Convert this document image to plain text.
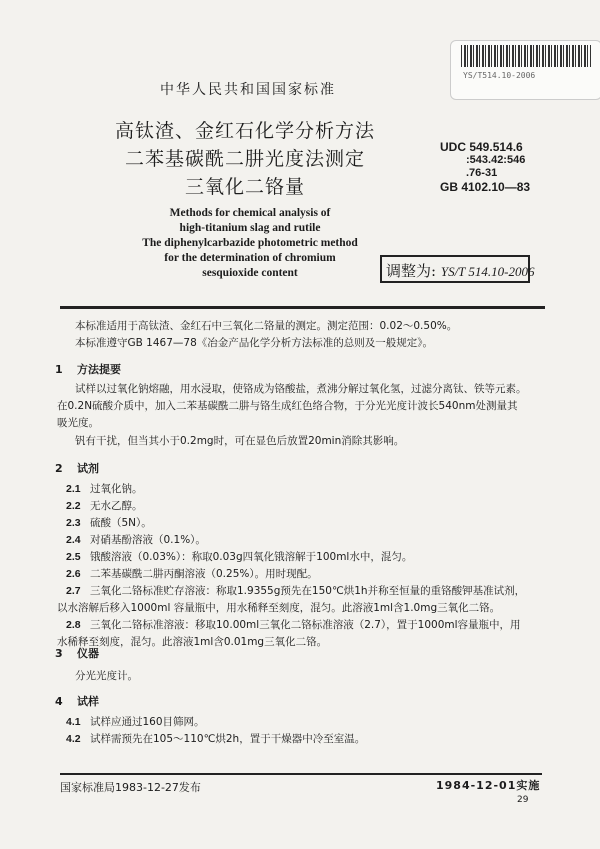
YS/T514.10-2006
中华人民共和国国家标准
高钛渣、金红石化学分析方法
二苯基碳酰二肼光度法测定
三氧化二铬量
UDC 549.514.6
:543.42:546
.76-31
GB 4102.10—83
Methods for chemical analysis of
high-titanium slag and rutile
The diphenylcarbazide photometric method
for the determination of chromium
sesquioxide content	调整为: YS/T 514.10-2006
本标准适用于高钛渣、金红石中三氧化二铬量的测定。测定范围：0.02～0.50%。
本标准遵守GB 1467—78《冶金产品化学分析方法标准的总则及一般规定》。
1 方法提要
试样以过氧化钠熔融，用水浸取，使铬成为铬酸盐，煮沸分解过氧化氢，过滤分离钛、铁等元素。
在0.2N硫酸介质中，加入二苯基碳酰二肼与铬生成红色络合物，于分光光度计波长540nm处测量其
吸光度。
钒有干扰，但当其小于0.2mg时，可在显色后放置20min消除其影响。
2 试剂
2.1 过氧化钠。
2.2 无水乙醇。
2.3 硫酸（5N）。
2.4 对硝基酚溶液（0.1%）。
2.5 锇酸溶液（0.03%）：称取0.03g四氧化锇溶解于100ml水中，混匀。
2.6 二苯基碳酰二肼丙酮溶液（0.25%）。用时现配。
2.7 三氧化二铬标准贮存溶液：称取1.9355g预先在150℃烘1h并称至恒量的重铬酸钾基准试剂，
以水溶解后移入1000ml 容量瓶中，用水稀释至刻度，混匀。此溶液1ml含1.0mg三氧化二铬。
2.8 三氧化二铬标准溶液：移取10.00ml三氧化二铬标准溶液（2.7），置于1000ml容量瓶中，用
水稀释至刻度，混匀。此溶液1ml含0.01mg三氧化二铬。
3 仪器
分光光度计。
4 试样
4.1 试样应通过160目筛网。
4.2 试样需预先在105～110℃烘2h，置于干燥器中冷至室温。
国家标准局1983-12-27发布	1984-12-01实施
29
